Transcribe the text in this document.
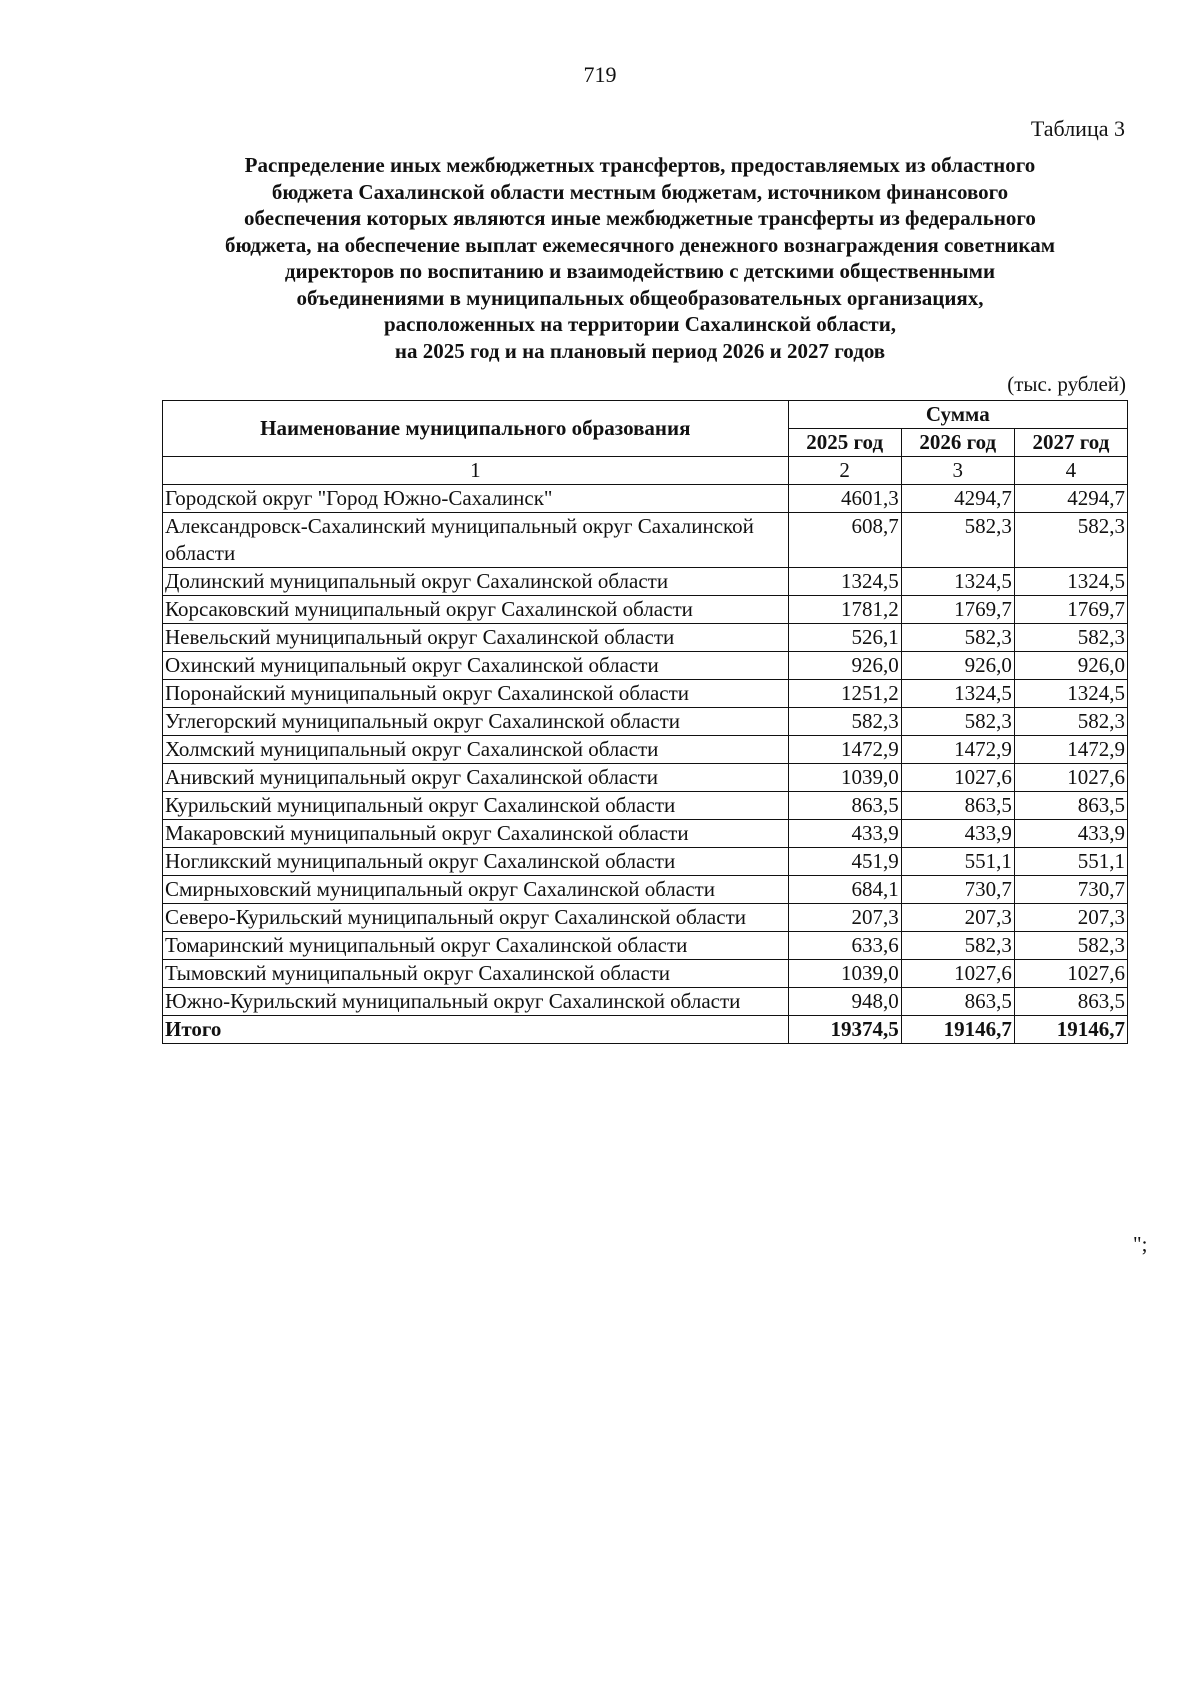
719
Таблица 3
Распределение иных межбюджетных трансфертов, предоставляемых из областного
бюджета Сахалинской области местным бюджетам, источником финансового
обеспечения которых являются иные межбюджетные трансферты из федерального
бюджета, на обеспечение выплат ежемесячного денежного вознаграждения советникам
директоров по воспитанию и взаимодействию с детскими общественными
объединениями в муниципальных общеобразовательных организациях,
расположенных на территории Сахалинской области,
на 2025 год и на плановый период 2026 и 2027 годов
(тыс. рублей)
Наименование муниципального образования	Сумма		
	2025 год	2026 год	2027 год
1	2	3	4
Городской округ "Город Южно-Сахалинск"	4601,3	4294,7	4294,7
Александровск-Сахалинский муниципальный округ Сахалинской области	608,7	582,3	582,3
Долинский муниципальный округ Сахалинской области	1324,5	1324,5	1324,5
Корсаковский муниципальный округ Сахалинской области	1781,2	1769,7	1769,7
Невельский муниципальный округ Сахалинской области	526,1	582,3	582,3
Охинский муниципальный округ Сахалинской области	926,0	926,0	926,0
Поронайский муниципальный округ Сахалинской области	1251,2	1324,5	1324,5
Углегорский муниципальный округ Сахалинской области	582,3	582,3	582,3
Холмский муниципальный округ Сахалинской области	1472,9	1472,9	1472,9
Анивский муниципальный округ Сахалинской области	1039,0	1027,6	1027,6
Курильский муниципальный округ Сахалинской области	863,5	863,5	863,5
Макаровский муниципальный округ Сахалинской области	433,9	433,9	433,9
Ногликский муниципальный округ Сахалинской области	451,9	551,1	551,1
Смирныховский муниципальный округ Сахалинской области	684,1	730,7	730,7
Северо-Курильский муниципальный округ Сахалинской области	207,3	207,3	207,3
Томаринский муниципальный округ Сахалинской области	633,6	582,3	582,3
Тымовский муниципальный округ Сахалинской области	1039,0	1027,6	1027,6
Южно-Курильский муниципальный округ Сахалинской области	948,0	863,5	863,5
Итого	19374,5	19146,7	19146,7
";
